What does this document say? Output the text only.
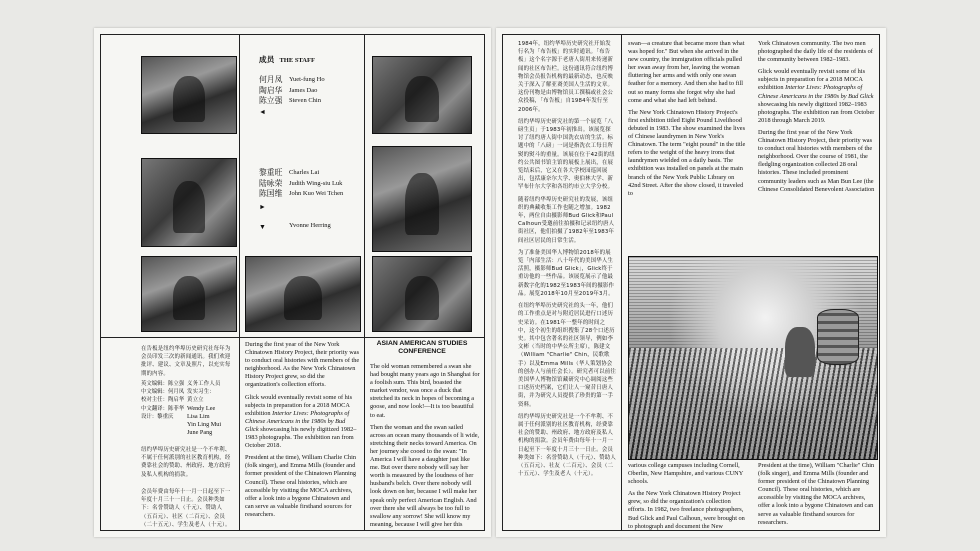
成员 THE STAFF
何月凤	Yuet-fung Ho
陶启华	James Dao
陈立强	Steven Chin
◄
黎重旺	Charles Lai
陆咏荣	Judith Wing-siu Luk
陈国维	John Kuo Wei Tchen
►
▼	Yvonne Herring
在告板是纽约华埠历史研究社每年为会员印发三次的新闻通讯。我们欢迎批评、建议、文章及照片，以充实每期的内容。
英文编辑：陈立强 义务工作人员
中文编辑：何月凤 发实习生：
校对主任：陶启华 黄立立
中文翻译：陈菲华 Wendy Lee
设计：黎重庆	Lisa Lim
Yin Ling Mui
June Pang
纽约华埠历史研究社是一个不牟利、不属于任何派别的社区教育机构，经费靠社会的赞助、州政府、地方政府及私人机构的捐款。
会员年费由每年十一月一日起至下一年度十月三十一日止。会员种类如下：名誉赞助人（千元）、赞助人（五百元）、社区（二百元）、会员（二十五元）、学生及老人（十元）。

During the first year of the New York Chinatown History Project, their priority was to conduct oral histories with members of the neighborhood. As the New York Chinatown History Project grew, so did the organization's collection efforts.

Glick would eventually revisit some of his subjects in preparation for a 2018 MOCA exhibition Interior Lives: Photographs of Chinese Americans in the 1980s by Bud Glick showcasing his newly digitized 1982–1983 photographs. The exhibition ran from October 2018.

President at the time), William Charlie Chin (folk singer), and Emma Mills (founder and former president of the Chinatown Planning Council). These oral histories, which are accessible by visiting the MOCA archives, offer a look into a bygone Chinatown and can serve as valuable firsthand sources for researchers.

ASIAN AMERICAN STUDIES CONFERENCE

The old woman remembered a swan she had bought many years ago in Shanghai for a foolish sum. This bird, boasted the market vendor, was once a duck that stretched its neck in hopes of becoming a goose, and now look!—It is too beautiful to eat.

Then the woman and the swan sailed across an ocean many thousands of li wide, stretching their necks toward America. On her journey she cooed to the swan: "In America I will have a daughter just like me. But over there nobody will say her worth is measured by the loudness of her husband's belch. Over there nobody will look down on her, because I will make her speak only perfect American English. And over there she will always be too full to swallow any sorrow! She will know my meaning, because I will give her this

1984年，纽约华埠历史研究社开始发行名为「布告板」的实时通讯。「布告板」这个名字源于老唐人街用来传递新闻的社区布告栏。这份通讯符合纽约博物馆会员报告机构的最新动态，也反映关于深入了解亚裔美国人生活的文章。这份刊物是由博物馆员工撰稿或社会公众投稿，「布告板」自1984年发行至2006年。

纽约华埠历史研究社的第一个展览「八磅生页」于1983年初推出。该展览探讨了纽约唐人街中国洗衣店的生活。标题中的「八磅」一词是指洗衣工每日所熨的熨斗的重量。该展在位于42街的纽约公共图书馆主馆的展板上展出，在展览结束后，它又在各大学校园巡回展出，包括康奈尔大学、奥伯林大学、新罕布什尔大学和各纽约市立大学分校。

随着纽约华埠历史研究社的发展，该组织的典藏收集工作也随之增加。1982年，两位自由摄影师Bud Glick和Paul Calhoun受邀前往拍摄和记录纽约唐人街社区，他们拍摄了1982年至1983年间社区居民的日常生活。

为了准备美国华人博物馆2018年的展览「内部生活：八十年代的美国华人生活照，摄影师Bud Glick」，Glick终于重访他的一些作品。该展览展示了他最新数字化的1982至1983年间的摄影作品。展览2018年10月至2019年3月。

在纽约华埠历史研究社的头一年，他们的工作重点是对与附近居民进行口述历史采访。在1981年一整年的时间之中，这个初生的组织搜集了28个口述历史。其中包含著名的社区领导，例如李文彬（当时的中华公所主席），陈建文（William "Charlie" Chin，民歌歌手）以及Emma Mills（华人策划协会的创办人与前任会长）。研究者可以前往美国华人博物馆馆藏研究中心调阅这些口述历史档案，它们让人一窥昔日唐人街，并为研究人员提供了珍贵的第一手资料。

纽约华埠历史研究社是一个不牟利、不属于任何派别的社区教育机构，经费靠社会的赞助、州政府、地方政府及私人机构的捐款。会员年费由每年十一月一日起至下一年度十月三十一日止。会员种类如下：名誉赞助人（千元）、赞助人（五百元）、社友（二百元）、会员（二十五元）、学生及老人（十元）。

swan—a creature that became more than what was hoped for." But when she arrived in the new country, the immigration officials pulled her swan away from her, leaving the woman fluttering her arms and with only one swan feather for a memory. And then she had to fill out so many forms she forgot why she had come and what she had left behind.

The New York Chinatown History Project's first exhibition titled Eight Pound Livelihood debuted in 1983. The show examined the lives of Chinese laundrymen in New York's Chinatown. The term "eight pound" in the title refers to the weight of the heavy irons that laundrymen wielded on a daily basis. The exhibition was installed on panels at the main branch of the New York Public Library on 42nd Street. After the show closed, it traveled to

York Chinatown community. The two men photographed the daily life of the residents of the community between 1982–1983.

Glick would eventually revisit some of his subjects in preparation for a 2018 MOCA exhibition Interior Lives: Photographs of Chinese Americans in the 1980s by Bud Glick showcasing his newly digitized 1982–1983 photographs. The exhibition ran from October 2018 through March 2019.

During the first year of the New York Chinatown History Project, their priority was to conduct oral histories with members of the neighborhood. Over the course of 1981, the fledgling organization collected 28 oral histories. These included prominent community leaders such as Man Bun Lee (the Chinese Consolidated Benevolent Association

various college campuses including Cornell, Oberlin, New Hampshire, and various CUNY schools.

As the New York Chinatown History Project grew, so did the organization's collection efforts. In 1982, two freelance photographers, Bud Glick and Paul Calhoun, were brought on to photograph and document the New

President at the time), William "Charlie" Chin (folk singer), and Emma Mills (founder and former president of the Chinatown Planning Council). These oral histories, which are accessible by visiting the MOCA archives, offer a look into a bygone Chinatown and can serve as valuable firsthand sources for researchers.
